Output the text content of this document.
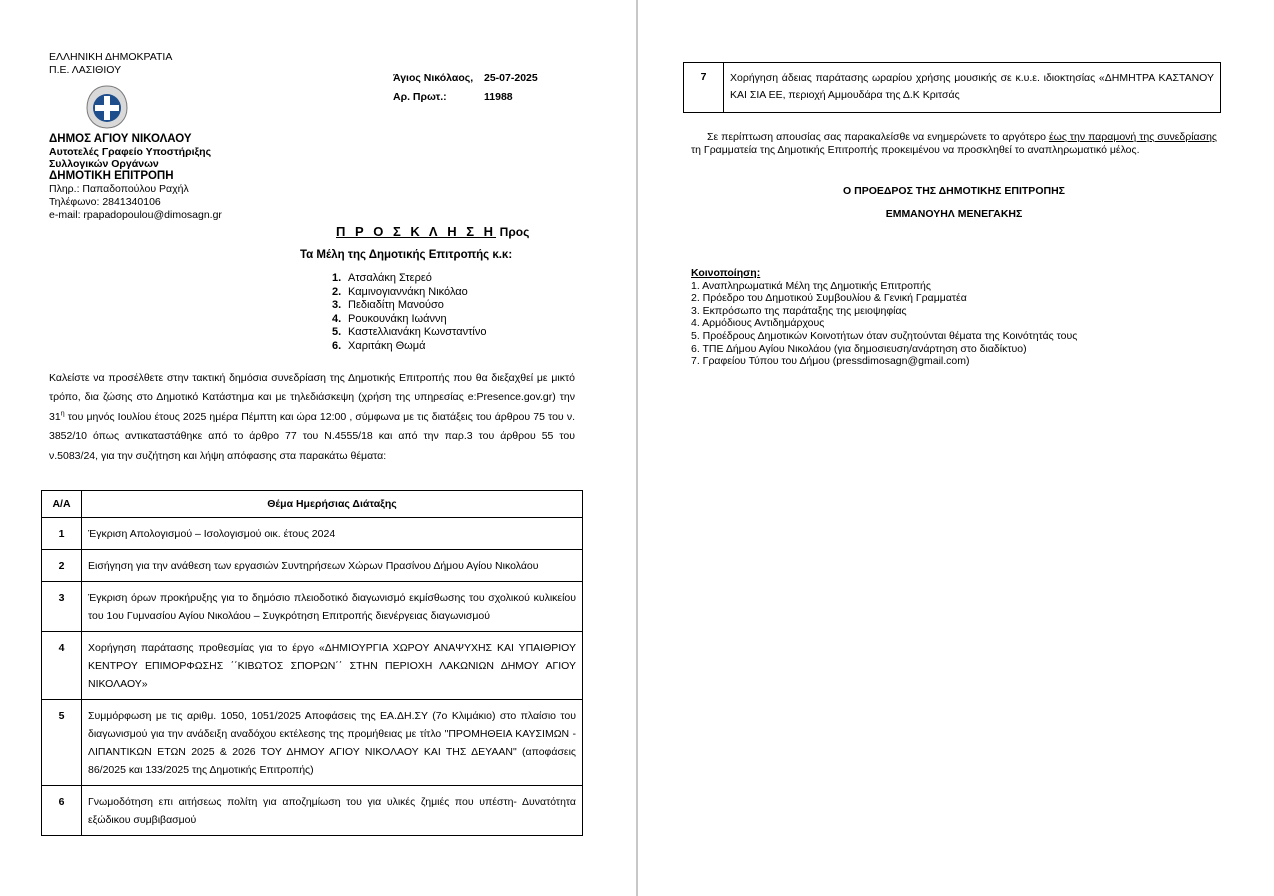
ΕΛΛΗΝΙΚΗ ΔΗΜΟΚΡΑΤΙΑ
Π.Ε. ΛΑΣΙΘΙΟΥ
ΔΗΜΟΣ ΑΓΙΟΥ ΝΙΚΟΛΑΟΥ
Αυτοτελές Γραφείο Υποστήριξης
Συλλογικών Οργάνων
ΔΗΜΟΤΙΚΗ ΕΠΙΤΡΟΠΗ
Πληρ.: Παπαδοπούλου Ραχήλ
Τηλέφωνο: 2841340106
e-mail: rpapadopoulou@dimosagn.gr
Άγιος Νικόλαος, 25-07-2025
Αρ. Πρωτ.:	11988
Π Ρ Ο Σ Κ Λ Η Σ Η Προς
Τα Μέλη της Δημοτικής Επιτροπής κ.κ:
1. Ατσαλάκη Στερεό
2. Καμινογιαννάκη Νικόλαο
3. Πεδιαδίτη Μανούσο
4. Ρουκουνάκη Ιωάννη
5. Καστελλιανάκη Κωνσταντίνο
6. Χαριτάκη Θωμά
Καλείστε να προσέλθετε στην τακτική δημόσια συνεδρίαση της Δημοτικής Επιτροπής που θα διεξαχθεί με μικτό τρόπο, δια ζώσης στο Δημοτικό Κατάστημα και με τηλεδιάσκεψη (χρήση της υπηρεσίας e:Presence.gov.gr) την $31^\eta$ του μηνός Ιουλίου έτους 2025 ημέρα Πέμπτη και ώρα 12:00 , σύμφωνα με τις διατάξεις του άρθρου 75 του ν. 3852/10 όπως αντικαταστάθηκε από το άρθρο 77 του Ν.4555/18 και από την παρ.3 του άρθρου 55 του ν.5083/24, για την συζήτηση και λήψη απόφασης στα παρακάτω θέματα:
Α/Α	Θέμα Ημερήσιας Διάταξης
1	Έγκριση Απολογισμού – Ισολογισμού οικ. έτους 2024
2	Εισήγηση για την ανάθεση των εργασιών Συντηρήσεων Χώρων Πρασίνου Δήμου Αγίου Νικολάου
3	Έγκριση όρων προκήρυξης για το δημόσιο πλειοδοτικό διαγωνισμό εκμίσθωσης του σχολικού κυλικείου του 1ου Γυμνασίου Αγίου Νικολάου – Συγκρότηση Επιτροπής διενέργειας διαγωνισμού
4	Χορήγηση παράτασης προθεσμίας για το έργο «ΔΗΜΙΟΥΡΓΙΑ ΧΩΡΟΥ ΑΝΑΨΥΧΗΣ ΚΑΙ ΥΠΑΙΘΡΙΟΥ ΚΕΝΤΡΟΥ ΕΠΙΜΟΡΦΩΣΗΣ ΄΄ΚΙΒΩΤΟΣ ΣΠΟΡΩΝ΄΄ ΣΤΗΝ ΠΕΡΙΟΧΗ ΛΑΚΩΝΙΩΝ ΔΗΜΟΥ ΑΓΙΟΥ ΝΙΚΟΛΑΟΥ»
5	Συμμόρφωση με τις αριθμ. 1050, 1051/2025 Αποφάσεις της ΕΑ.ΔΗ.ΣΥ (7ο Κλιμάκιο) στο πλαίσιο του διαγωνισμού για την ανάδειξη αναδόχου εκτέλεσης της προμήθειας με τίτλο "ΠΡΟΜΗΘΕΙΑ ΚΑΥΣΙΜΩΝ - ΛΙΠΑΝΤΙΚΩΝ ΕΤΩΝ 2025 & 2026 ΤΟΥ ΔΗΜΟΥ ΑΓΙΟΥ ΝΙΚΟΛΑΟΥ ΚΑΙ ΤΗΣ ΔΕΥΑΑΝ" (αποφάσεις 86/2025 και 133/2025 της Δημοτικής Επιτροπής)
6	Γνωμοδότηση επι αιτήσεως πολίτη για αποζημίωση του για υλικές ζημιές που υπέστη- Δυνατότητα εξώδικου συμβιβασμού
7	Χορήγηση άδειας παράτασης ωραρίου χρήσης μουσικής σε κ.υ.ε. ιδιοκτησίας «ΔΗΜΗΤΡΑ ΚΑΣΤΑΝΟΥ ΚΑΙ ΣΙΑ ΕΕ, περιοχή Αμμουδάρα της Δ.Κ Κριτσάς
Σε περίπτωση απουσίας σας παρακαλείσθε να ενημερώνετε το αργότερο έως την παραμονή της συνεδρίασης τη Γραμματεία της Δημοτικής Επιτροπής προκειμένου να προσκληθεί το αναπληρωματικό μέλος.
Ο ΠΡΟΕΔΡΟΣ ΤΗΣ ΔΗΜΟΤΙΚΗΣ ΕΠΙΤΡΟΠΗΣ
ΕΜΜΑΝΟΥΗΛ ΜΕΝΕΓΑΚΗΣ
Κοινοποίηση:
1. Αναπληρωματικά Μέλη της Δημοτικής Επιτροπής
2. Πρόεδρο του Δημοτικού Συμβουλίου & Γενική Γραμματέα
3. Εκπρόσωπο της παράταξης της μειοψηφίας
4. Αρμόδιους Αντιδημάρχους
5. Προέδρους Δημοτικών Κοινοτήτων όταν συζητούνται θέματα της Κοινότητάς τους
6. ΤΠΕ Δήμου Αγίου Νικολάου (για δημοσιευση/ανάρτηση στο διαδίκτυο)
7. Γραφείου Τύπου του Δήμου (pressdimosagn@gmail.com)
